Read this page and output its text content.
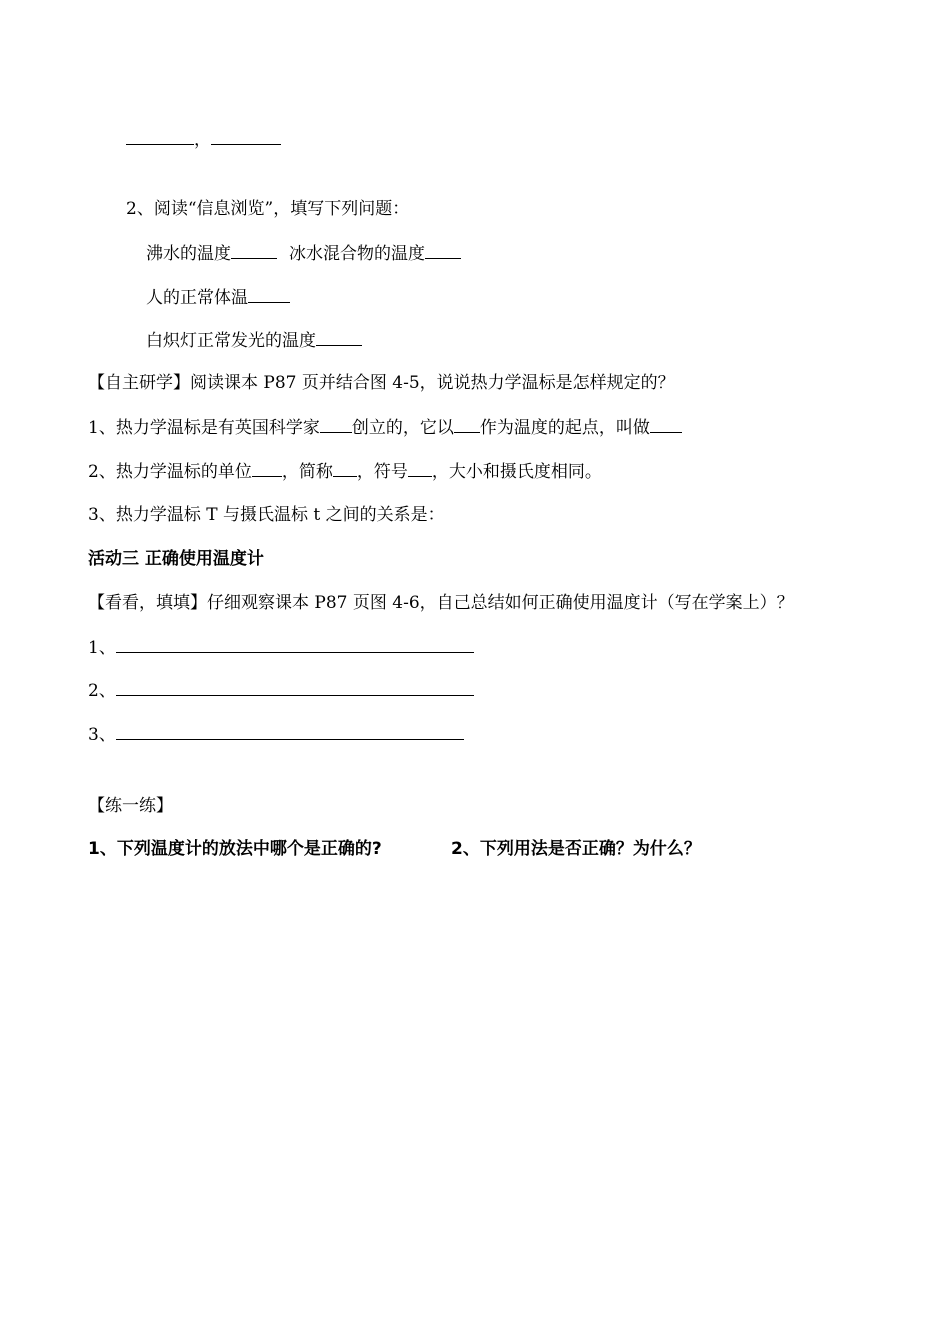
，
2、阅读“信息浏览”，填写下列问题：
沸水的温度	冰水混合物的温度
人的正常体温
白炽灯正常发光的温度
【自主研学】阅读课本 P87 页并结合图 4-5，说说热力学温标是怎样规定的？
1、热力学温标是有英国科学家 创立的，它以 作为温度的起点，叫做
2、热力学温标的单位 ，简称 ，符号 ，大小和摄氏度相同。
3、热力学温标 T 与摄氏温标 t 之间的关系是：
活动三 正确使用温度计
【看看，填填】仔细观察课本 P87 页图 4-6，自己总结如何正确使用温度计（写在学案上）？
1、
2、
3、
【练一练】
1、下列温度计的放法中哪个是正确的?	2、下列用法是否正确？为什么？
